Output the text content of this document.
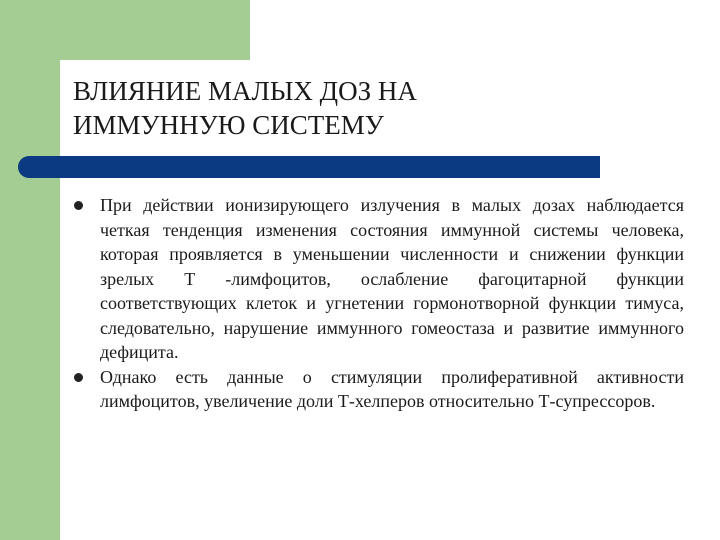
ВЛИЯНИЕ МАЛЫХ ДОЗ НА
ИММУННУЮ СИСТЕМУ

При действии ионизирующего излучения в малых дозах наблюдается четкая тенденция изменения состояния иммунной системы человека, которая проявляется в уменьшении численности и снижении функции зрелых Т -лимфоцитов, ослабление фагоцитарной функции соответствующих клеток и угнетении гормонотворной функции тимуса, следовательно, нарушение иммунного гомеостаза и развитие иммунного дефицита.

Однако есть данные о стимуляции пролиферативной активности лимфоцитов, увеличение доли Т-хелперов относительно Т-супрессоров.
